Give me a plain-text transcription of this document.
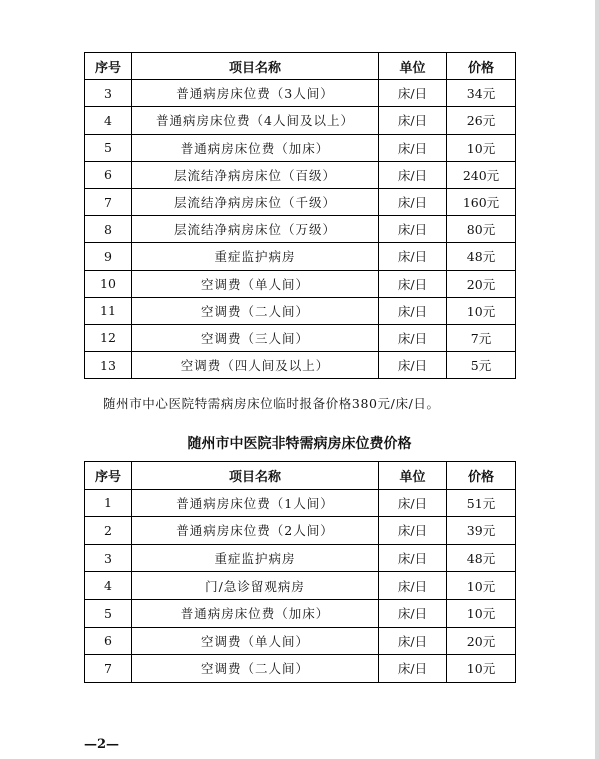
序号	项目名称	单位	价格
3	普通病房床位费（3人间）	床/日	34元
4	普通病房床位费（4人间及以上）	床/日	26元
5	普通病房床位费（加床）	床/日	10元
6	层流结净病房床位（百级）	床/日	240元
7	层流结净病房床位（千级）	床/日	160元
8	层流结净病房床位（万级）	床/日	80元
9	重症监护病房	床/日	48元
10	空调费（单人间）	床/日	20元
11	空调费（二人间）	床/日	10元
12	空调费（三人间）	床/日	7元
13	空调费（四人间及以上）	床/日	5元
随州市中心医院特需病房床位临时报备价格380元/床/日。
随州市中医院非特需病房床位费价格
序号	项目名称	单位	价格
1	普通病房床位费（1人间）	床/日	51元
2	普通病房床位费（2人间）	床/日	39元
3	重症监护病房	床/日	48元
4	门/急诊留观病房	床/日	10元
5	普通病房床位费（加床）	床/日	10元
6	空调费（单人间）	床/日	20元
7	空调费（二人间）	床/日	10元
—2—
